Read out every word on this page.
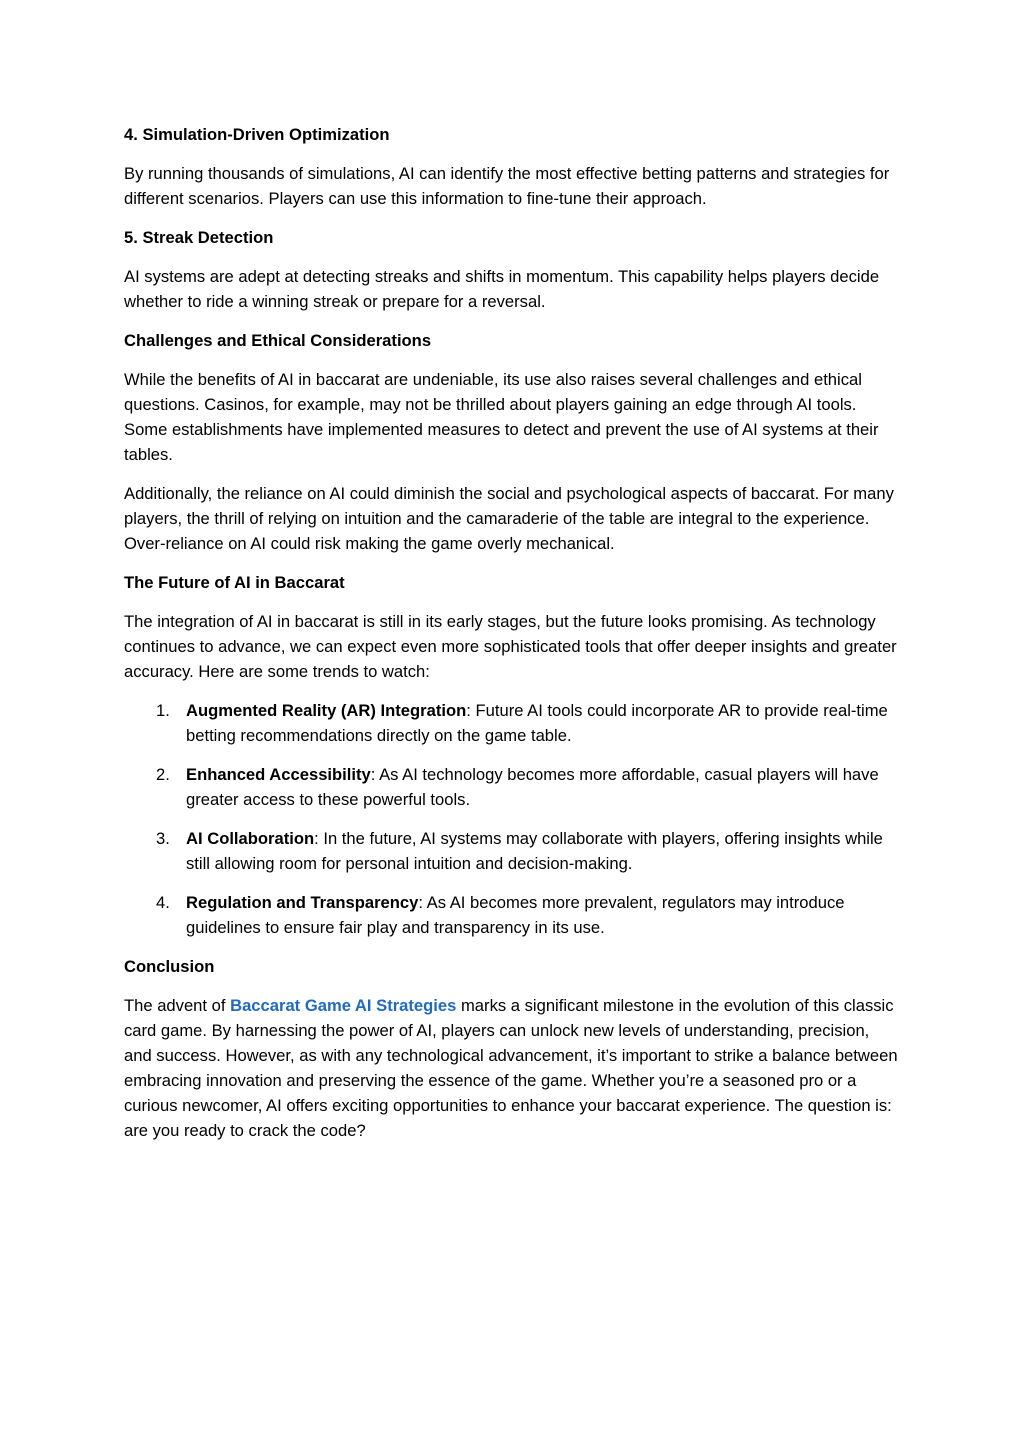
4. Simulation-Driven Optimization
By running thousands of simulations, AI can identify the most effective betting patterns and strategies for different scenarios. Players can use this information to fine-tune their approach.
5. Streak Detection
AI systems are adept at detecting streaks and shifts in momentum. This capability helps players decide whether to ride a winning streak or prepare for a reversal.
Challenges and Ethical Considerations
While the benefits of AI in baccarat are undeniable, its use also raises several challenges and ethical questions. Casinos, for example, may not be thrilled about players gaining an edge through AI tools. Some establishments have implemented measures to detect and prevent the use of AI systems at their tables.
Additionally, the reliance on AI could diminish the social and psychological aspects of baccarat. For many players, the thrill of relying on intuition and the camaraderie of the table are integral to the experience. Over-reliance on AI could risk making the game overly mechanical.
The Future of AI in Baccarat
The integration of AI in baccarat is still in its early stages, but the future looks promising. As technology continues to advance, we can expect even more sophisticated tools that offer deeper insights and greater accuracy. Here are some trends to watch:
1. Augmented Reality (AR) Integration: Future AI tools could incorporate AR to provide real-time betting recommendations directly on the game table.
2. Enhanced Accessibility: As AI technology becomes more affordable, casual players will have greater access to these powerful tools.
3. AI Collaboration: In the future, AI systems may collaborate with players, offering insights while still allowing room for personal intuition and decision-making.
4. Regulation and Transparency: As AI becomes more prevalent, regulators may introduce guidelines to ensure fair play and transparency in its use.
Conclusion
The advent of Baccarat Game AI Strategies marks a significant milestone in the evolution of this classic card game. By harnessing the power of AI, players can unlock new levels of understanding, precision, and success. However, as with any technological advancement, it’s important to strike a balance between embracing innovation and preserving the essence of the game. Whether you’re a seasoned pro or a curious newcomer, AI offers exciting opportunities to enhance your baccarat experience. The question is: are you ready to crack the code?
